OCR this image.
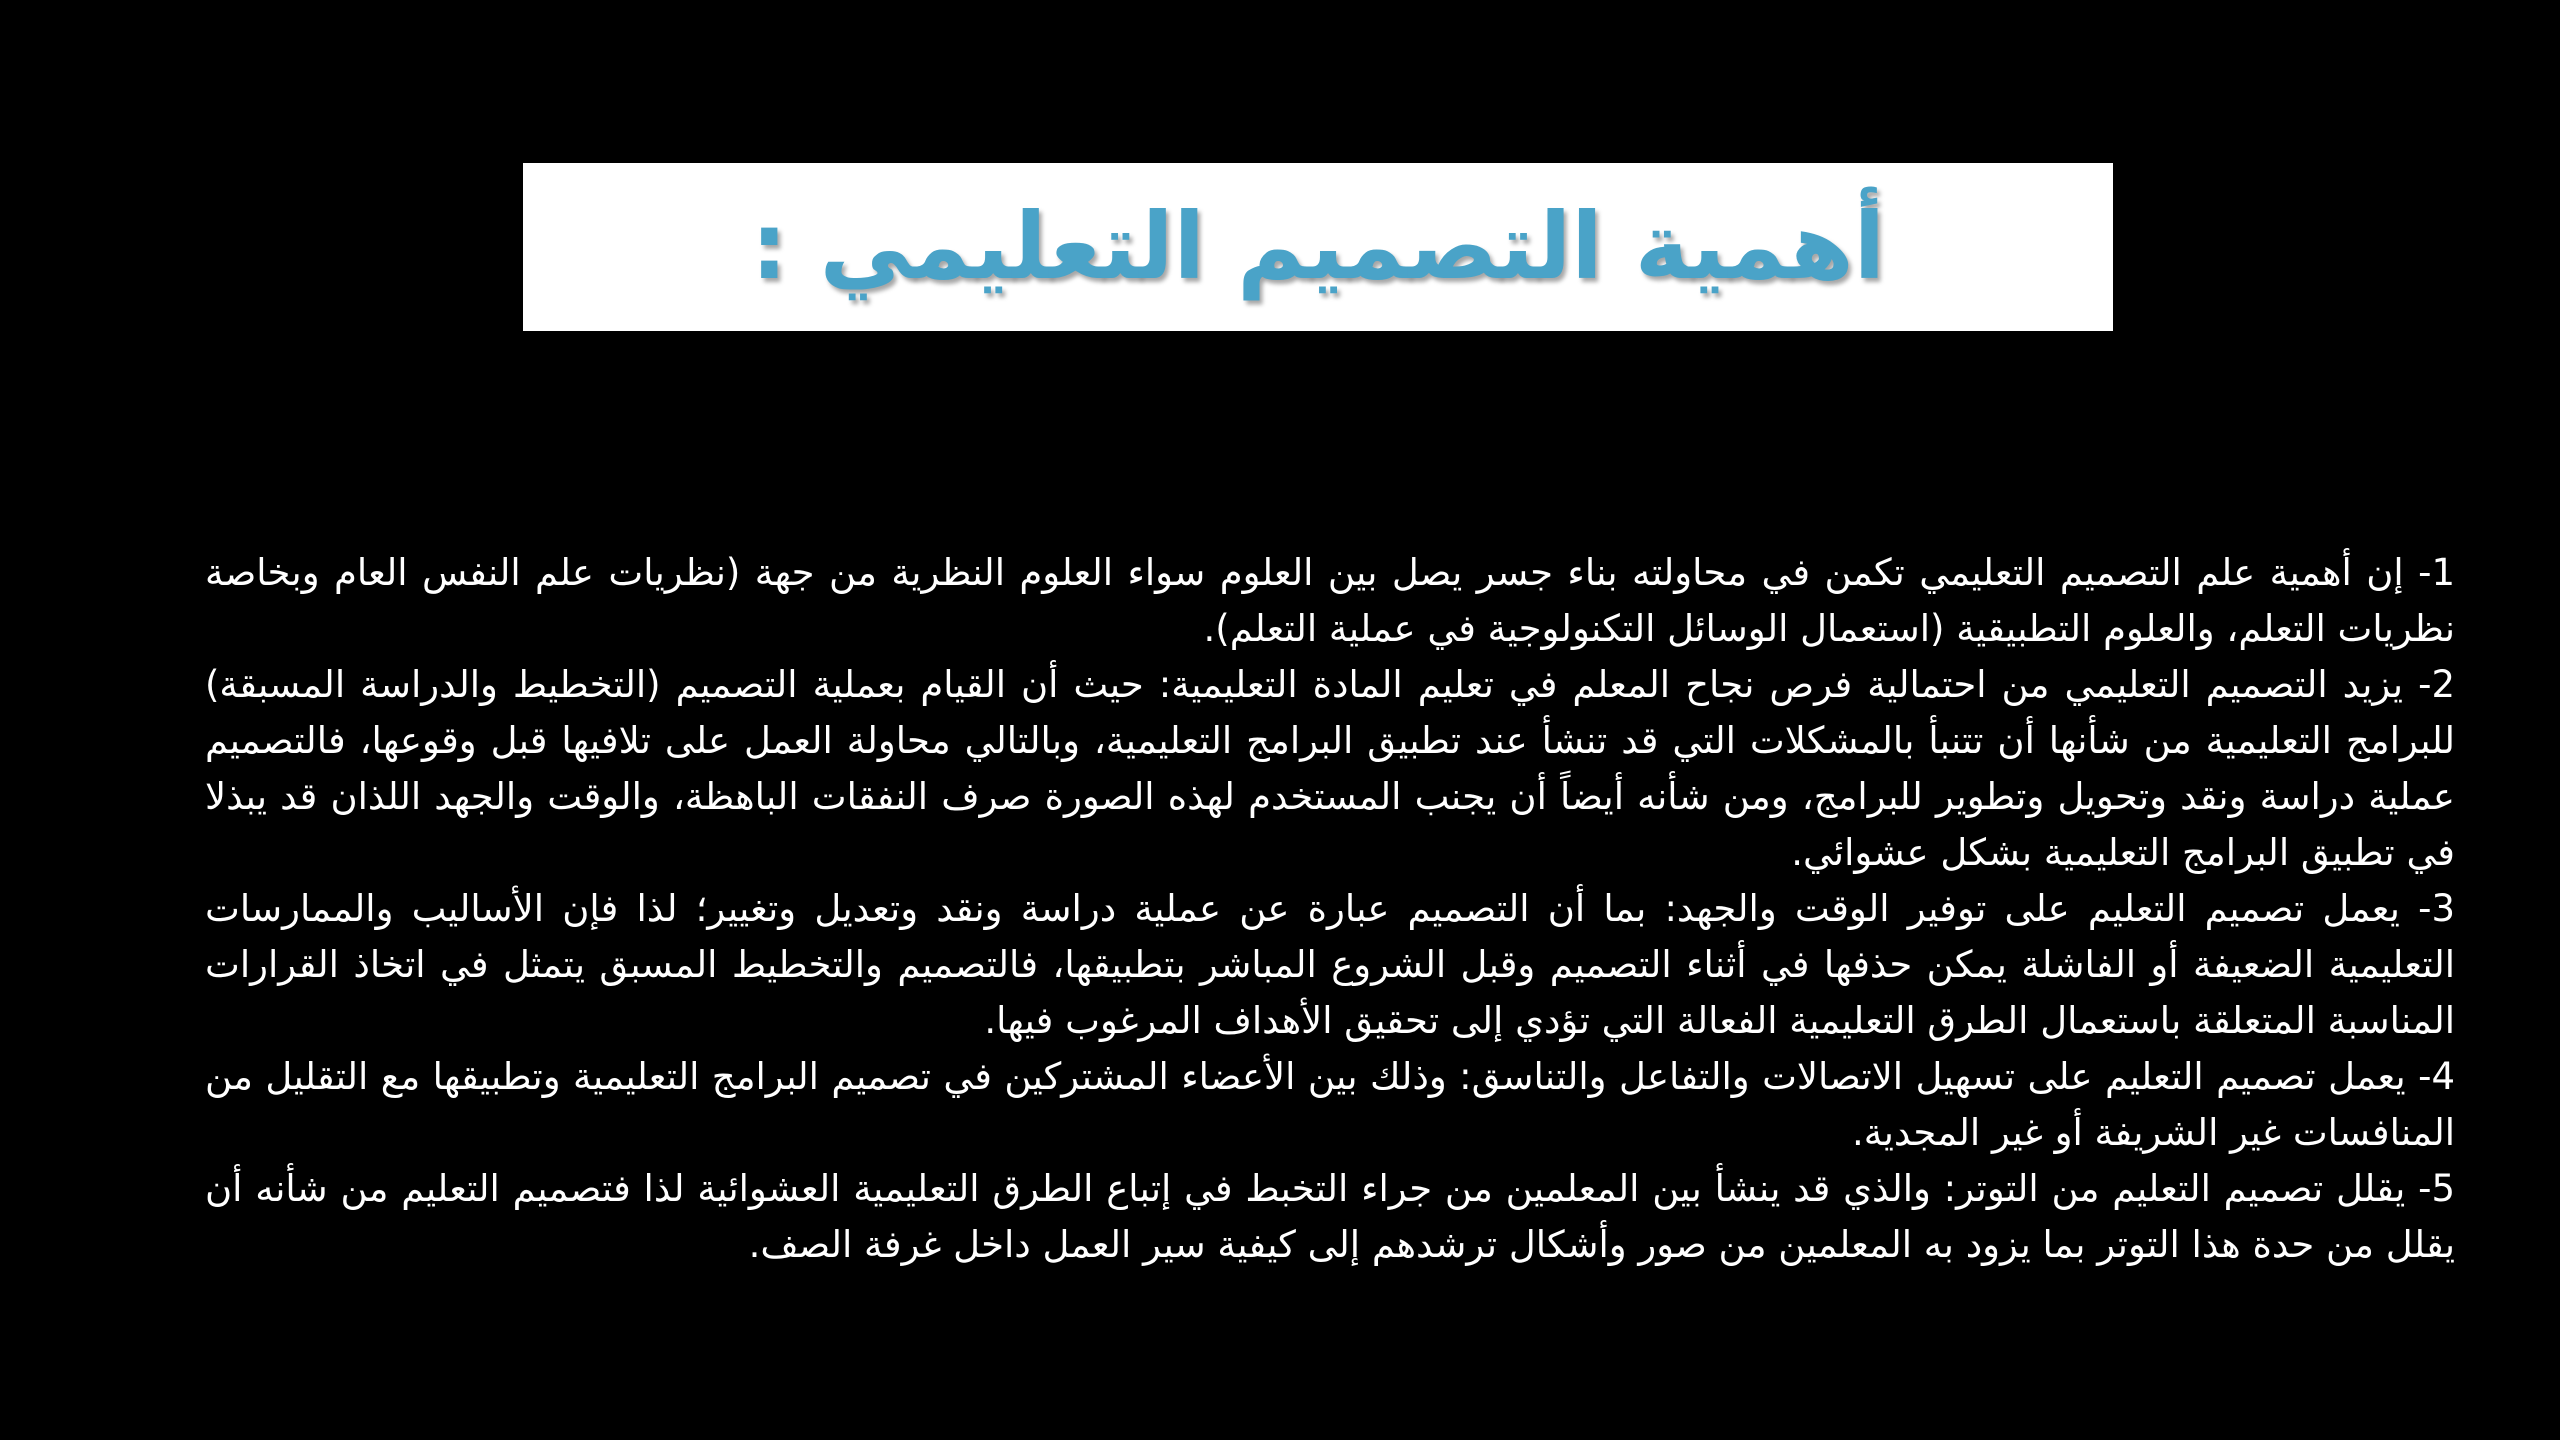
أهمية التصميم التعليمي :

1- إن أهمية علم التصميم التعليمي تكمن في محاولته بناء جسر يصل بين العلوم سواء العلوم النظرية من جهة (نظريات علم النفس العام وبخاصة نظريات التعلم، والعلوم التطبيقية (استعمال الوسائل التكنولوجية في عملية التعلم).

2- يزيد التصميم التعليمي من احتمالية فرص نجاح المعلم في تعليم المادة التعليمية: حيث أن القيام بعملية التصميم (التخطيط والدراسة المسبقة) للبرامج التعليمية من شأنها أن تتنبأ بالمشكلات التي قد تنشأ عند تطبيق البرامج التعليمية، وبالتالي محاولة العمل على تلافيها قبل وقوعها، فالتصميم عملية دراسة ونقد وتحويل وتطوير للبرامج، ومن شأنه أيضاً أن يجنب المستخدم لهذه الصورة صرف النفقات الباهظة، والوقت والجهد اللذان قد يبذلا في تطبيق البرامج التعليمية بشكل عشوائي.

3- يعمل تصميم التعليم على توفير الوقت والجهد: بما أن التصميم عبارة عن عملية دراسة ونقد وتعديل وتغيير؛ لذا فإن الأساليب والممارسات التعليمية الضعيفة أو الفاشلة يمكن حذفها في أثناء التصميم وقبل الشروع المباشر بتطبيقها، فالتصميم والتخطيط المسبق يتمثل في اتخاذ القرارات المناسبة المتعلقة باستعمال الطرق التعليمية الفعالة التي تؤدي إلى تحقيق الأهداف المرغوب فيها.

4- يعمل تصميم التعليم على تسهيل الاتصالات والتفاعل والتناسق: وذلك بين الأعضاء المشتركين في تصميم البرامج التعليمية وتطبيقها مع التقليل من المنافسات غير الشريفة أو غير المجدية.

5- يقلل تصميم التعليم من التوتر: والذي قد ينشأ بين المعلمين من جراء التخبط في إتباع الطرق التعليمية العشوائية لذا فتصميم التعليم من شأنه أن يقلل من حدة هذا التوتر بما يزود به المعلمين من صور وأشكال ترشدهم إلى كيفية سير العمل داخل غرفة الصف.
